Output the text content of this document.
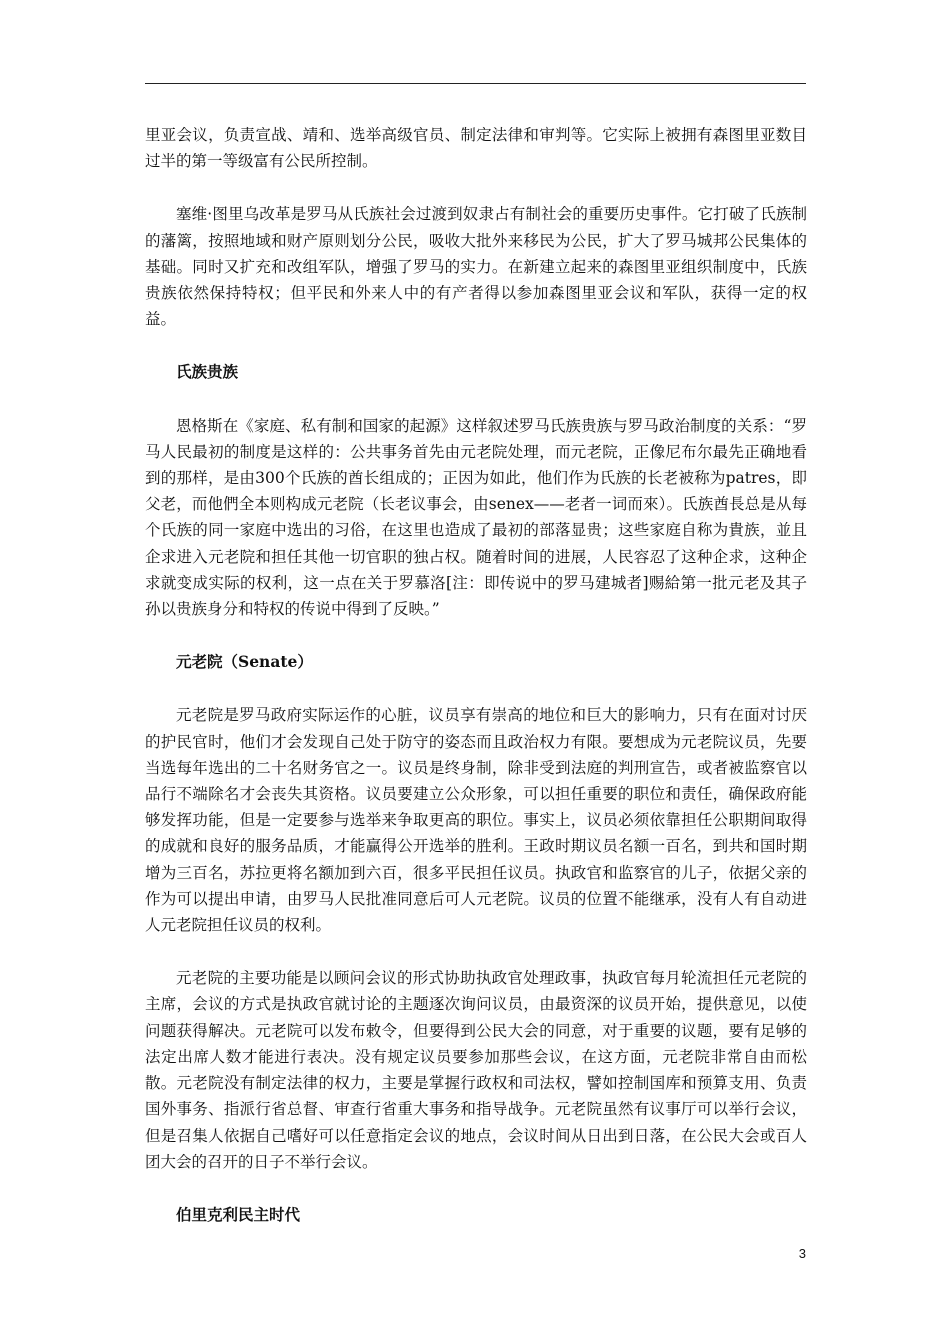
里亚会议，负责宣战、靖和、选举高级官员、制定法律和审判等。它实际上被拥有森图里亚数目过半的第一等级富有公民所控制。

塞维·图里乌改革是罗马从氏族社会过渡到奴隶占有制社会的重要历史事件。它打破了氏族制的藩篱，按照地域和财产原则划分公民，吸收大批外来移民为公民，扩大了罗马城邦公民集体的基础。同时又扩充和改组军队，增强了罗马的实力。在新建立起来的森图里亚组织制度中，氏族贵族依然保持特权；但平民和外来人中的有产者得以参加森图里亚会议和军队，获得一定的权益。

氏族贵族

恩格斯在《家庭、私有制和国家的起源》这样叙述罗马氏族贵族与罗马政治制度的关系：“罗马人民最初的制度是这样的：公共事务首先由元老院处理，而元老院，正像尼布尔最先正确地看到的那样，是由300个氏族的酋长组成的；正因为如此，他们作为氏族的长老被称为patres，即父老，而他們全本则构成元老院（长老议事会，由senex——老者一词而來）。氏族酋長总是从每个氏族的同一家庭中选出的习俗，在这里也造成了最初的部落显贵；这些家庭自称为貴族，並且企求进入元老院和担任其他一切官职的独占权。随着时间的进展，人民容忍了这种企求，这种企求就变成实际的权利，这一点在关于罗慕洛[注：即传说中的罗马建城者]赐給第一批元老及其子孙以贵族身分和特权的传说中得到了反映。”

元老院（Senate）

元老院是罗马政府实际运作的心脏，议员享有崇高的地位和巨大的影响力，只有在面对讨厌的护民官时，他们才会发现自己处于防守的姿态而且政治权力有限。要想成为元老院议员，先要当选每年选出的二十名财务官之一。议员是终身制，除非受到法庭的判刑宣告，或者被监察官以品行不端除名才会丧失其资格。议员要建立公众形象，可以担任重要的职位和责任，确保政府能够发挥功能，但是一定要参与选举来争取更高的职位。事实上，议员必须依靠担任公职期间取得的成就和良好的服务品质，才能赢得公开选举的胜利。王政时期议员名额一百名，到共和国时期增为三百名，苏拉更将名额加到六百，很多平民担任议员。执政官和监察官的儿子，依据父亲的作为可以提出申请，由罗马人民批准同意后可人元老院。议员的位置不能继承，没有人有自动进人元老院担任议员的权利。

元老院的主要功能是以顾问会议的形式协助执政官处理政事，执政官每月轮流担任元老院的主席，会议的方式是执政官就讨论的主题逐次询问议员，由最资深的议员开始，提供意见，以使问题获得解决。元老院可以发布敕令，但要得到公民大会的同意，对于重要的议题，要有足够的法定出席人数才能进行表决。没有规定议员要参加那些会议，在这方面，元老院非常自由而松散。元老院没有制定法律的权力，主要是掌握行政权和司法权，譬如控制国库和预算支用、负责国外事务、指派行省总督、审查行省重大事务和指导战争。元老院虽然有议事厅可以举行会议，但是召集人依据自己嗜好可以任意指定会议的地点，会议时间从日出到日落，在公民大会或百人团大会的召开的日子不举行会议。

伯里克利民主时代

3
